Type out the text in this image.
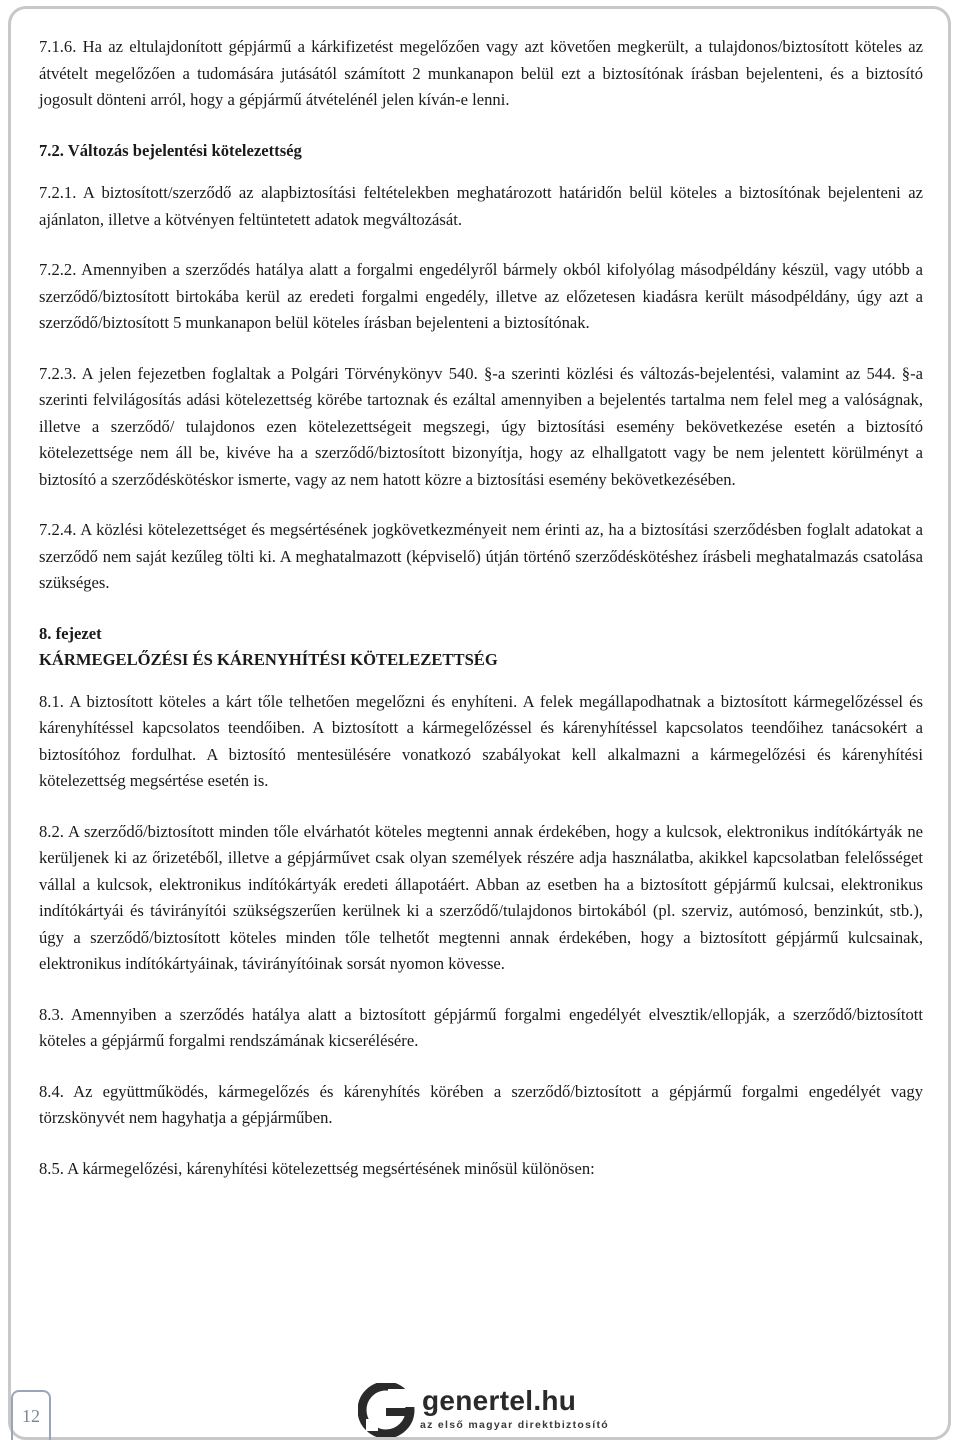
7.1.6. Ha az eltulajdonított gépjármű a kárkifizetést megelőzően vagy azt követően megkerült, a tulajdonos/biztosított köteles az átvételt megelőzően a tudomására jutásától számított 2 munkanapon belül ezt a biztosítónak írásban bejelenteni, és a biztosító jogosult dönteni arról, hogy a gépjármű átvételénél jelen kíván-e lenni.

7.2. Változás bejelentési kötelezettség

7.2.1. A biztosított/szerződő az alapbiztosítási feltételekben meghatározott határidőn belül köteles a biztosítónak bejelenteni az ajánlaton, illetve a kötvényen feltüntetett adatok megváltozását.

7.2.2. Amennyiben a szerződés hatálya alatt a forgalmi engedélyről bármely okból kifolyólag másodpéldány készül, vagy utóbb a szerződő/biztosított birtokába kerül az eredeti forgalmi engedély, illetve az előzetesen kiadásra került másodpéldány, úgy azt a szerződő/biztosított 5 munkanapon belül köteles írásban bejelenteni a biztosítónak.

7.2.3. A jelen fejezetben foglaltak a Polgári Törvénykönyv 540. §-a szerinti közlési és változás-bejelentési, valamint az 544. §-a szerinti felvilágosítás adási kötelezettség körébe tartoznak és ezáltal amennyiben a bejelentés tartalma nem felel meg a valóságnak, illetve a szerződő/ tulajdonos ezen kötelezettségeit megszegi, úgy biztosítási esemény bekövetkezése esetén a biztosító kötelezettsége nem áll be, kivéve ha a szerződő/biztosított bizonyítja, hogy az elhallgatott vagy be nem jelentett körülményt a biztosító a szerződéskötéskor ismerte, vagy az nem hatott közre a biztosítási esemény bekövetkezésében.

7.2.4. A közlési kötelezettséget és megsértésének jogkövetkezményeit nem érinti az, ha a biztosítási szerződésben foglalt adatokat a szerződő nem saját kezűleg tölti ki. A meghatalmazott (képviselő) útján történő szerződéskötéshez írásbeli meghatalmazás csatolása szükséges.

8. fejezet
KÁRMEGELŐZÉSI ÉS KÁRENYHÍTÉSI KÖTELEZETTSÉG

8.1. A biztosított köteles a kárt tőle telhetően megelőzni és enyhíteni. A felek megállapodhatnak a biztosított kármegelőzéssel és kárenyhítéssel kapcsolatos teendőiben. A biztosított a kármegelőzéssel és kárenyhítéssel kapcsolatos teendőihez tanácsokért a biztosítóhoz fordulhat. A biztosító mentesülésére vonatkozó szabályokat kell alkalmazni a kármegelőzési és kárenyhítési kötelezettség megsértése esetén is.

8.2. A szerződő/biztosított minden tőle elvárhatót köteles megtenni annak érdekében, hogy a kulcsok, elektronikus indítókártyák ne kerüljenek ki az őrizetéből, illetve a gépjárművet csak olyan személyek részére adja használatba, akikkel kapcsolatban felelősséget vállal a kulcsok, elektronikus indítókártyák eredeti állapotáért. Abban az esetben ha a biztosított gépjármű kulcsai, elektronikus indítókártyái és távirányítói szükségszerűen kerülnek ki a szerződő/tulajdonos birtokából (pl. szerviz, autómosó, benzinkút, stb.), úgy a szerződő/biztosított köteles minden tőle telhetőt megtenni annak érdekében, hogy a biztosított gépjármű kulcsainak, elektronikus indítókártyáinak, távirányítóinak sorsát nyomon kövesse.

8.3. Amennyiben a szerződés hatálya alatt a biztosított gépjármű forgalmi engedélyét elvesztik/ellopják, a szerződő/biztosított köteles a gépjármű forgalmi rendszámának kicserélésére.

8.4. Az együttműködés, kármegelőzés és kárenyhítés körében a szerződő/biztosított a gépjármű forgalmi engedélyét vagy törzskönyvét nem hagyhatja a gépjárműben.

8.5. A kármegelőzési, kárenyhítési kötelezettség megsértésének minősül különösen:

12	genertel.hu
az első magyar direktbiztosító
